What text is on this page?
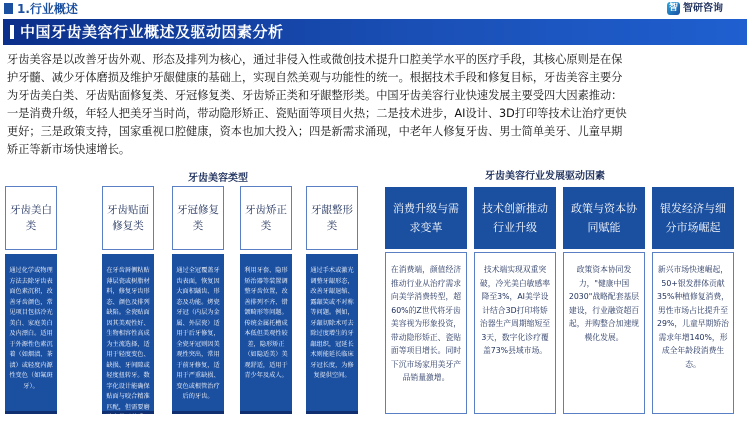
1.行业概述	智 智研咨询
中国牙齿美容行业概述及驱动因素分析
牙齿美容是以改善牙齿外观、形态及排列为核心，通过非侵入性或微创技术提升口腔美学水平的医疗手段，其核心原则是在保
护牙髓、减少牙体磨损及维护牙龈健康的基础上，实现自然美观与功能性的统一。根据技术手段和修复目标，牙齿美容主要分
为牙齿美白类、牙齿贴面修复类、牙冠修复类、牙齿矫正类和牙龈整形类。中国牙齿美容行业快速发展主要受四大因素推动：
一是消费升级，年轻人把美牙当时尚，带动隐形矫正、瓷贴面等项目火热；二是技术进步，AI设计、3D打印等技术让治疗更快
更好；三是政策支持，国家重视口腔健康，资本也加大投入；四是新需求涌现，中老年人修复牙齿、男士简单美牙、儿童早期
矫正等新市场快速增长。
牙齿美容类型	牙齿美容行业发展驱动因素
牙齿美白类
通过化学或物理方法去除牙齿表面色素沉积，改善牙齿颜色，常见项目包括冷光美白、家庭美白及内漂白。适用于外源性色素沉着（如烟渍、茶渍）或轻度内源性变色（如氟斑牙）。
牙齿贴面修复类
在牙齿唇侧粘贴薄层瓷或树脂材料，修复牙齿形态、颜色及排列缺陷。全瓷贴面因其美观性好、生物相容性高成为主流选择，适用于轻度变色、缺损、牙间隙或轻度扭转牙。数字化设计能确保贴面与咬合精准匹配，但需要磨除少量牙釉质。
牙冠修复类
通过全冠覆盖牙齿表面，恢复因大面积龋齿、形态及功能。烤瓷牙冠（内层为金属、外层瓷）适用于后牙修复，全瓷牙冠则因美观性突出，常用于前牙修复，适用于严重缺损、变色或根管治疗后的牙齿。
牙齿矫正类
利用牙套、隐形矫治器等装置调整牙齿位置，改善排列不齐、错颌畸形等问题。传统金属托槽成本低但美观性较差，隐形矫正（如隐适美）美观舒适，适用于青少年及成人。
牙龈整形类
通过手术或激光调整牙龈形态，改善牙龈退缩、露龈笑或不对称等问题。例如，牙龈切除术可去除过度增生的牙龈组织，冠延长术则能延长临床牙冠长度，为修复提供空间。
消费升级与需求变革
在消费端，颜值经济推动行业从治疗需求向美学消费转型，超60%的Z世代将牙齿美容视为形象投资，带动隐形矫正、瓷贴面等项目增长。同时下沉市场家用美牙产品销量激增。
技术创新推动行业升级
技术端实现双重突破，冷光美白敏感率降至3%，AI美学设计结合3D打印将矫治器生产周期缩短至3天，数字化诊疗覆盖73%县域市场。
政策与资本协同赋能
政策资本协同发力，"健康中国2030"战略配套基层建设，行业融资超百起，并购整合加速规模化发展。
银发经济与细分市场崛起
新兴市场快速崛起，50+银发群体贡献35%种植修复消费，男性市场占比提升至29%，儿童早期矫治需求年增140%，形成全年龄段消费生态。
